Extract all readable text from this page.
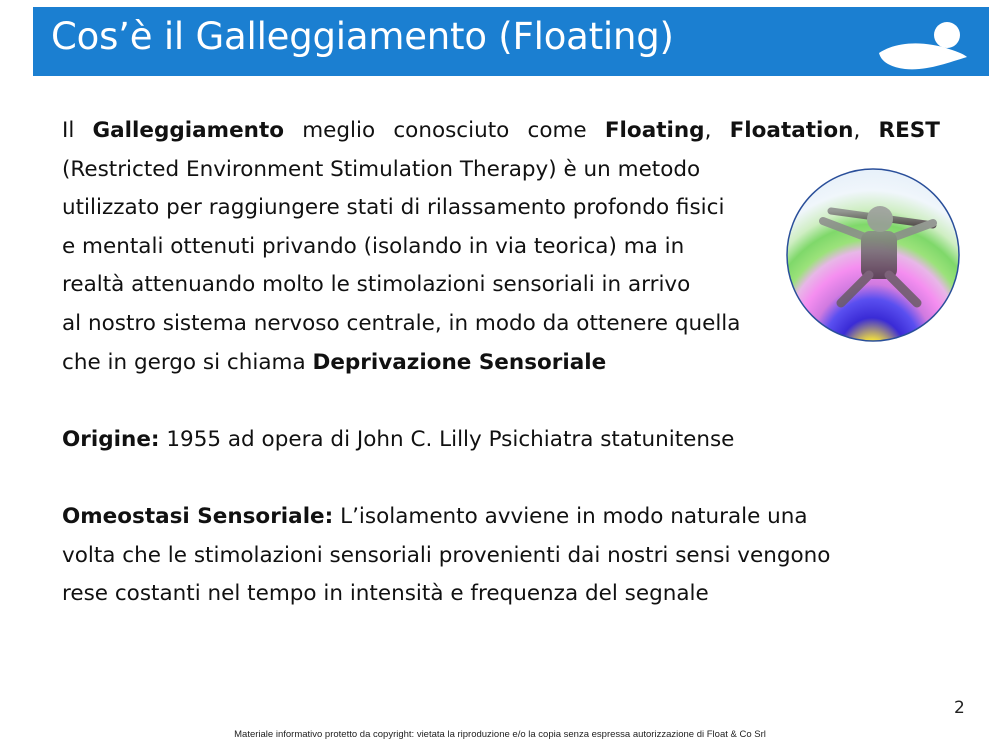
Cos’è il Galleggiamento (Floating)
Il Galleggiamento meglio conosciuto come Floating, Floatation, REST
(Restricted Environment Stimulation Therapy) è un metodo
utilizzato per raggiungere stati di rilassamento profondo fisici
e mentali ottenuti privando (isolando in via teorica) ma in
realtà attenuando molto le stimolazioni sensoriali in arrivo
al nostro sistema nervoso centrale, in modo da ottenere quella
che in gergo si chiama Deprivazione Sensoriale
Origine: 1955 ad opera di John C. Lilly Psichiatra statunitense
Omeostasi Sensoriale: L’isolamento avviene in modo naturale una
volta che le stimolazioni sensoriali provenienti dai nostri sensi vengono
rese costanti nel tempo in intensità e frequenza del segnale
2
Materiale informativo protetto da copyright: vietata la riproduzione e/o la copia senza espressa autorizzazione di Float & Co Srl
